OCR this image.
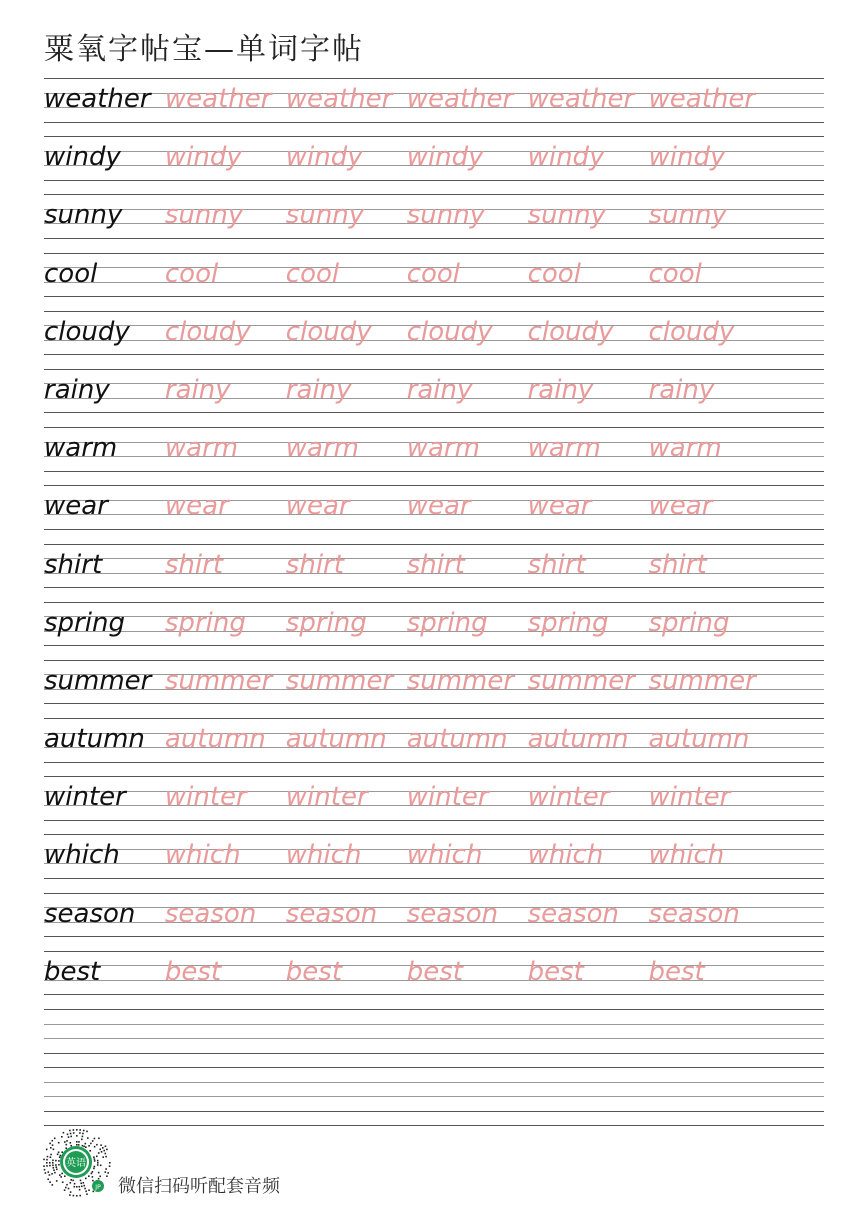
粟氧字帖宝—单词字帖
weather weather weather weather weather weather
windy windy windy windy windy windy
sunny sunny sunny sunny sunny sunny
cool	cool	cool	cool	cool	cool
cloudy cloudy cloudy cloudy cloudy cloudy
rainy rainy rainy rainy rainy rainy
warm warm warm warm warm warm
wear wear wear wear wear wear
shirt shirt shirt shirt shirt shirt
spring spring spring spring spring spring
summer summer summer summer summer summer
autumn autumn autumn autumn autumn autumn
winter winter winter winter winter winter
which which which which which which
season season season season season season
best best best best best best
英语
JP 微信扫码听配套音频
